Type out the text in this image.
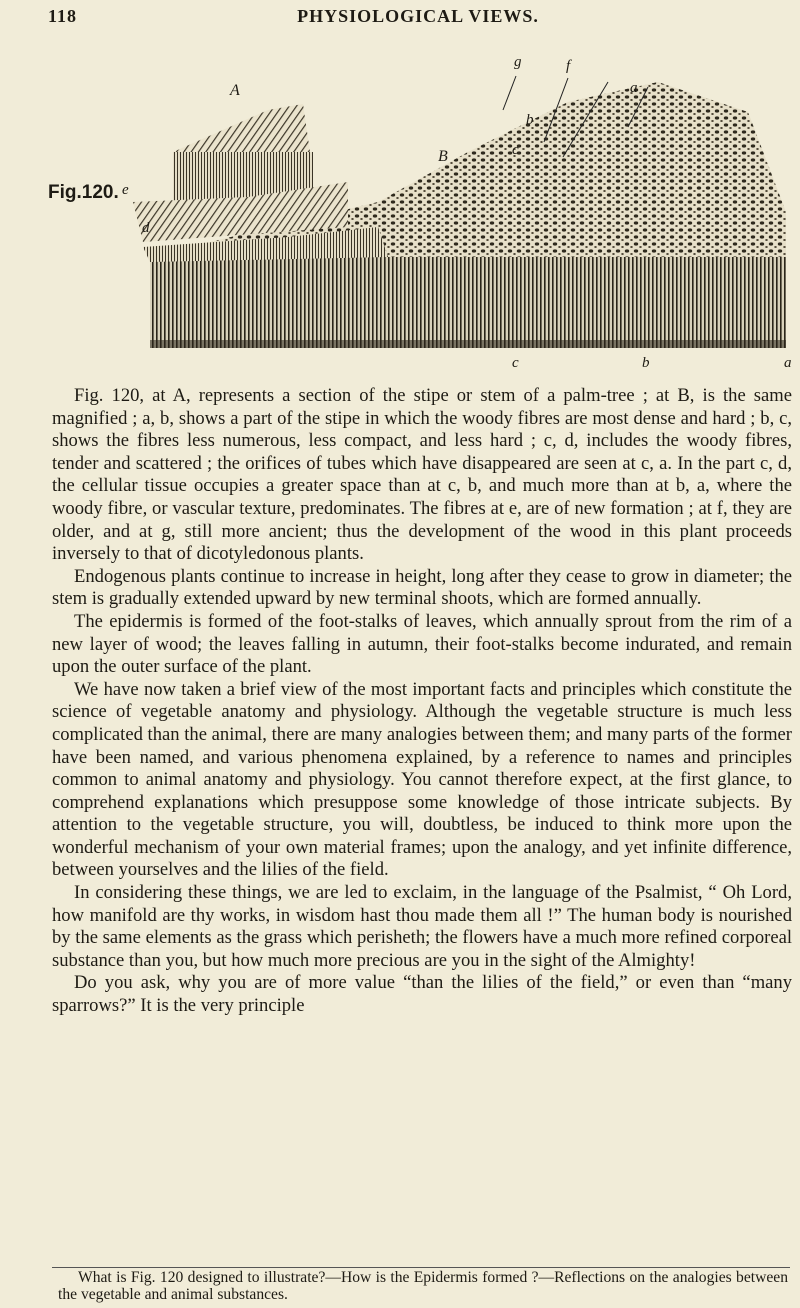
118	PHYSIOLOGICAL VIEWS.
Fig.120.
A
B
g	f
a
b
c
e
d
c	b	a

Fig. 120, at A, represents a section of the stipe or stem of a palm-tree ; at B, is the same magnified ; a, b, shows a part of the stipe in which the woody fibres are most dense and hard ; b, c, shows the fibres less numerous, less compact, and less hard ; c, d, includes the woody fibres, tender and scattered ; the orifices of tubes which have disappeared are seen at c, a. In the part c, d, the cellular tissue occupies a greater space than at c, b, and much more than at b, a, where the woody fibre, or vascular texture, predominates. The fibres at e, are of new formation ; at f, they are older, and at g, still more ancient; thus the development of the wood in this plant proceeds inversely to that of dicotyledonous plants.

Endogenous plants continue to increase in height, long after they cease to grow in diameter; the stem is gradually extended upward by new terminal shoots, which are formed annually.

The epidermis is formed of the foot-stalks of leaves, which annually sprout from the rim of a new layer of wood; the leaves falling in autumn, their foot-stalks become indurated, and remain upon the outer surface of the plant.

We have now taken a brief view of the most important facts and principles which constitute the science of vegetable anatomy and physiology. Although the vegetable structure is much less complicated than the animal, there are many analogies between them; and many parts of the former have been named, and various phenomena explained, by a reference to names and principles common to animal anatomy and physiology. You cannot therefore expect, at the first glance, to comprehend explanations which presuppose some knowledge of those intricate subjects. By attention to the vegetable structure, you will, doubtless, be induced to think more upon the wonderful mechanism of your own material frames; upon the analogy, and yet infinite difference, between yourselves and the lilies of the field.

In considering these things, we are led to exclaim, in the language of the Psalmist, “ Oh Lord, how manifold are thy works, in wisdom hast thou made them all !” The human body is nourished by the same elements as the grass which perisheth; the flowers have a much more refined corporeal substance than you, but how much more precious are you in the sight of the Almighty!

Do you ask, why you are of more value “than the lilies of the field,” or even than “many sparrows?” It is the very principle

What is Fig. 120 designed to illustrate?—How is the Epidermis formed ?—Reflections on the analogies between the vegetable and animal substances.
